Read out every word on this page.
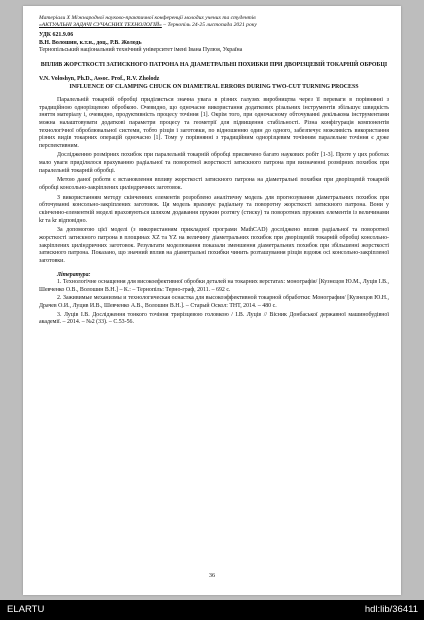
Матеріали Х Міжнародної науково-практичної конференції молодих учених та студентів

«АКТУАЛЬНІ ЗАДАЧІ СУЧАСНИХ ТЕХНОЛОГІЙ» – Тернопіль 24-25 листопада 2021 року

УДК 621.9.06

В.Н. Волошин, к.т.н., доц., Р.В. Жолодь

Тернопільський національний технічний університет імені Івана Пулюя, Україна

ВПЛИВ ЖОРСТКОСТІ ЗАТИСКНОГО ПАТРОНА НА ДІАМЕТРАЛЬНІ ПОХИБКИ ПРИ ДВОРІЗЦЕВІЙ ТОКАРНІЙ ОБРОБЦІ

V.N. Voloshyn, Ph.D., Assoc. Prof., R.V. Zholodz

INFLUENCE OF CLAMPING CHUCK ON DIAMETRAL ERRORS DURING TWO-CUT TURNING PROCESS

Паралельній токарній обробці приділяється значна увага в різних галузях виробництва через її переваги в порівнянні з традиційною однорізцевою обробкою. Очевидно, що одночасне використання додаткових різальних інструментів збільшує швидкість зняття матеріалу і, очевидно, продуктивність процесу точіння [1]. Окрім того, при одночасному обточуванні декількома інструментами можна налаштовувати додаткові параметри процесу та геометрії для підвищення стабільності. Різна конфігурація компонентів технологічної оброблювальної системи, тобто різців і заготовки, по відношенню один до одного, забезпечує можливість використання різних видів токарних операцій одночасно [1]. Тому у порівнянні з традиційним однорізцевим точінням паралельне точіння є дуже перспективним.

Дослідженню розмірних похибок при паралельній токарній обробці присвячено багато наукових робіт [1-3]. Проте у цих роботах мало уваги приділялося врахуванню радіальної та поворотної жорсткості затискного патрона при визначенні розмірних похибок при паралельній токарній обробці.

Метою даної роботи є встановлення впливу жорсткості затискного патрона на діаметральні похибки при дворізцевій токарній обробці консольно-закріплених циліндричних заготовок.

З використанням методу скінченних елементів розроблено аналітичну модель для прогнозування діаметральних похибок при обточуванні консольно-закріплених заготовок. Ця модель враховує радіальну та поворотну жорсткості затискного патрона. Вони у скінченно-елементній моделі враховуються шляхом додавання пружин розтягу (стиску) та поворотних пружних елементів із величинами kr та kr відповідно.

За допомогою цієї моделі (з використанням прикладної програми MathCAD) досліджено вплив радіальної та поворотної жорсткості затискного патрона в площинах XZ та YZ на величину діаметральних похибок при дворізцевій токарній обробці консольно-закріплених циліндричних заготовок. Результати моделювання показали зменшення діаметральних похибок при збільшенні жорсткості затискного патрона. Показано, що значний вплив на діаметральні похибки чинить розташування різців вздовж осі консольно-закріпленої заготовки.

Література:

1. Технологічне оснащення для високоефективної обробки деталей на токарних верстатах: монографія/ [Кузнєцов Ю.М., Луців І.В., Шевченко О.В., Волошин В.Н.] – К.: – Тернопіль: Терно-граф, 2011. – 692 с.

2. Заживимые механизмы и технологическая оснастка для высокоэффективной токарной обработки: Монография/ [Кузнецов Ю.Н., Драчев О.И., Луцив И.В., Шевченко А.В., Волошин В.Н.]. – Старый Оскол: ТНТ, 2014. – 480 с.

3. Луців І.В. Дослідження тонкого точіння трирізцевою головкою / І.В. Луців // Вісник Донбаської державної машинобудівної академії. – 2014. – №2 (33). – С.53-56.

36
ELARTU	hdl:lib/36411
